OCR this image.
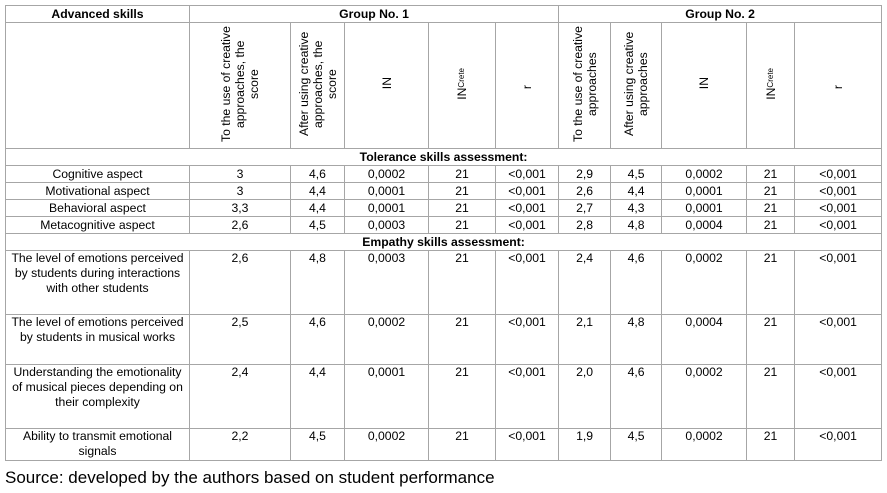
Advanced skills	Group No. 1					Group No. 2				
	To the use of creative approaches, the score	After using creative approaches, the score	IN	INCrete	r	To the use of creative approaches	After using creative approaches	IN	INCrete	r
Tolerance skills assessment:										
Cognitive aspect	3	4,6	0,0002	21	<0,001	2,9	4,5	0,0002	21	<0,001
Motivational aspect	3	4,4	0,0001	21	<0,001	2,6	4,4	0,0001	21	<0,001
Behavioral aspect	3,3	4,4	0,0001	21	<0,001	2,7	4,3	0,0001	21	<0,001
Metacognitive aspect	2,6	4,5	0,0003	21	<0,001	2,8	4,8	0,0004	21	<0,001
Empathy skills assessment:										
The level of emotions perceived by students during interactions with other students	2,6	4,8	0,0003	21	<0,001	2,4	4,6	0,0002	21	<0,001
The level of emotions perceived by students in musical works	2,5	4,6	0,0002	21	<0,001	2,1	4,8	0,0004	21	<0,001
Understanding the emotionality of musical pieces depending on their complexity	2,4	4,4	0,0001	21	<0,001	2,0	4,6	0,0002	21	<0,001
Ability to transmit emotional signals	2,2	4,5	0,0002	21	<0,001	1,9	4,5	0,0002	21	<0,001
Source: developed by the authors based on student performance
